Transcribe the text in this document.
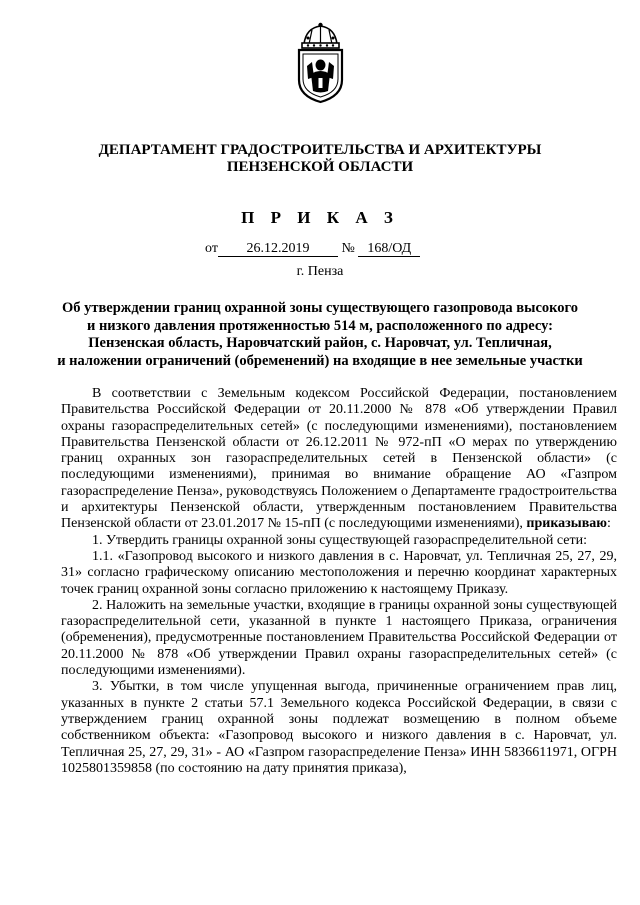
ДЕПАРТАМЕНТ ГРАДОСТРОИТЕЛЬСТВА И АРХИТЕКТУРЫ
ПЕНЗЕНСКОЙ ОБЛАСТИ
П Р И К А З
от 26.12.2019 № 168/ОД
г. Пенза
Об утверждении границ охранной зоны существующего газопровода высокого
и низкого давления протяженностью 514 м, расположенного по адресу:
Пензенская область, Наровчатский район, с. Наровчат, ул. Тепличная,
и наложении ограничений (обременений) на входящие в нее земельные участки

В соответствии с Земельным кодексом Российской Федерации, постановлением Правительства Российской Федерации от 20.11.2000 № 878 «Об утверждении Правил охраны газораспределительных сетей» (с последующими изменениями), постановлением Правительства Пензенской области от 26.12.2011 № 972-пП «О мерах по утверждению границ охранных зон газораспределительных сетей в Пензенской области» (с последующими изменениями), принимая во внимание обращение АО «Газпром газораспределение Пенза», руководствуясь Положением о Департаменте градостроительства и архитектуры Пензенской области, утвержденным постановлением Правительства Пензенской области от 23.01.2017 № 15-пП (с последующими изменениями), приказываю:

1. Утвердить границы охранной зоны существующей газораспределительной сети:

1.1. «Газопровод высокого и низкого давления в с. Наровчат, ул. Тепличная 25, 27, 29, 31» согласно графическому описанию местоположения и перечню координат характерных точек границ охранной зоны согласно приложению к настоящему Приказу.

2. Наложить на земельные участки, входящие в границы охранной зоны существующей газораспределительной сети, указанной в пункте 1 настоящего Приказа, ограничения (обременения), предусмотренные постановлением Правительства Российской Федерации от 20.11.2000 № 878 «Об утверждении Правил охраны газораспределительных сетей» (с последующими изменениями).

3. Убытки, в том числе упущенная выгода, причиненные ограничением прав лиц, указанных в пункте 2 статьи 57.1 Земельного кодекса Российской Федерации, в связи с утверждением границ охранной зоны подлежат возмещению в полном объеме собственником объекта: «Газопровод высокого и низкого давления в с. Наровчат, ул. Тепличная 25, 27, 29, 31» - АО «Газпром газораспределение Пенза» ИНН 5836611971, ОГРН 1025801359858 (по состоянию на дату принятия приказа),
